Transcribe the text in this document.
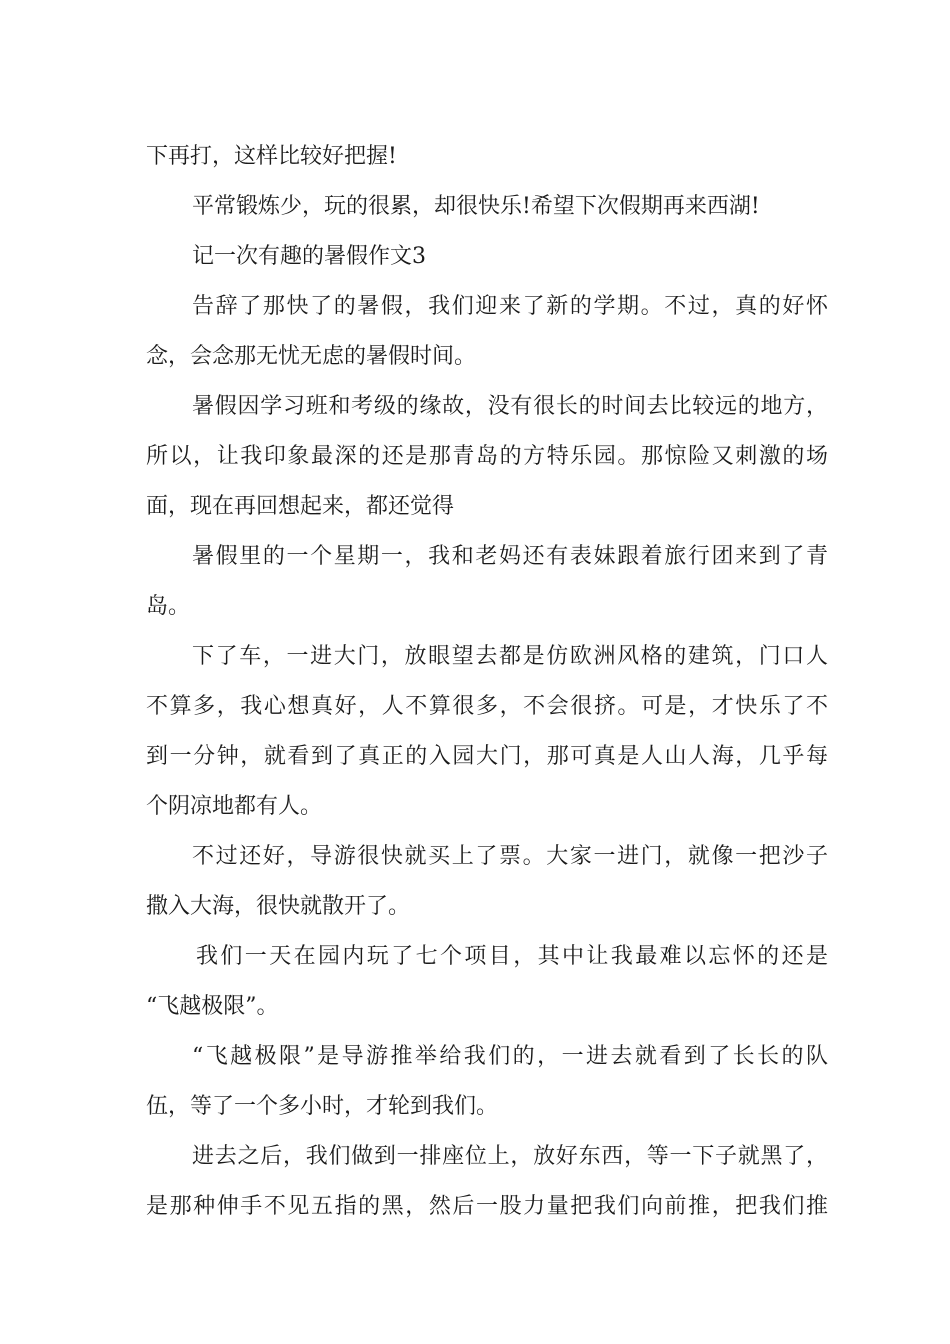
下再打，这样比较好把握!
平常锻炼少，玩的很累，却很快乐!希望下次假期再来西湖!
记一次有趣的暑假作文3
告辞了那快了的暑假，我们迎来了新的学期。不过，真的好怀
念，会念那无忧无虑的暑假时间。
暑假因学习班和考级的缘故，没有很长的时间去比较远的地方，
所以，让我印象最深的还是那青岛的方特乐园。那惊险又刺激的场
面，现在再回想起来，都还觉得
暑假里的一个星期一，我和老妈还有表妹跟着旅行团来到了青
岛。
下了车，一进大门，放眼望去都是仿欧洲风格的建筑，门口人
不算多，我心想真好，人不算很多，不会很挤。可是，才快乐了不
到一分钟，就看到了真正的入园大门，那可真是人山人海，几乎每
个阴凉地都有人。
不过还好，导游很快就买上了票。大家一进门，就像一把沙子
撒入大海，很快就散开了。
我们一天在园内玩了七个项目，其中让我最难以忘怀的还是
“飞越极限”。
“飞越极限”是导游推举给我们的，一进去就看到了长长的队
伍，等了一个多小时，才轮到我们。
进去之后，我们做到一排座位上，放好东西，等一下子就黑了，
是那种伸手不见五指的黑，然后一股力量把我们向前推，把我们推
